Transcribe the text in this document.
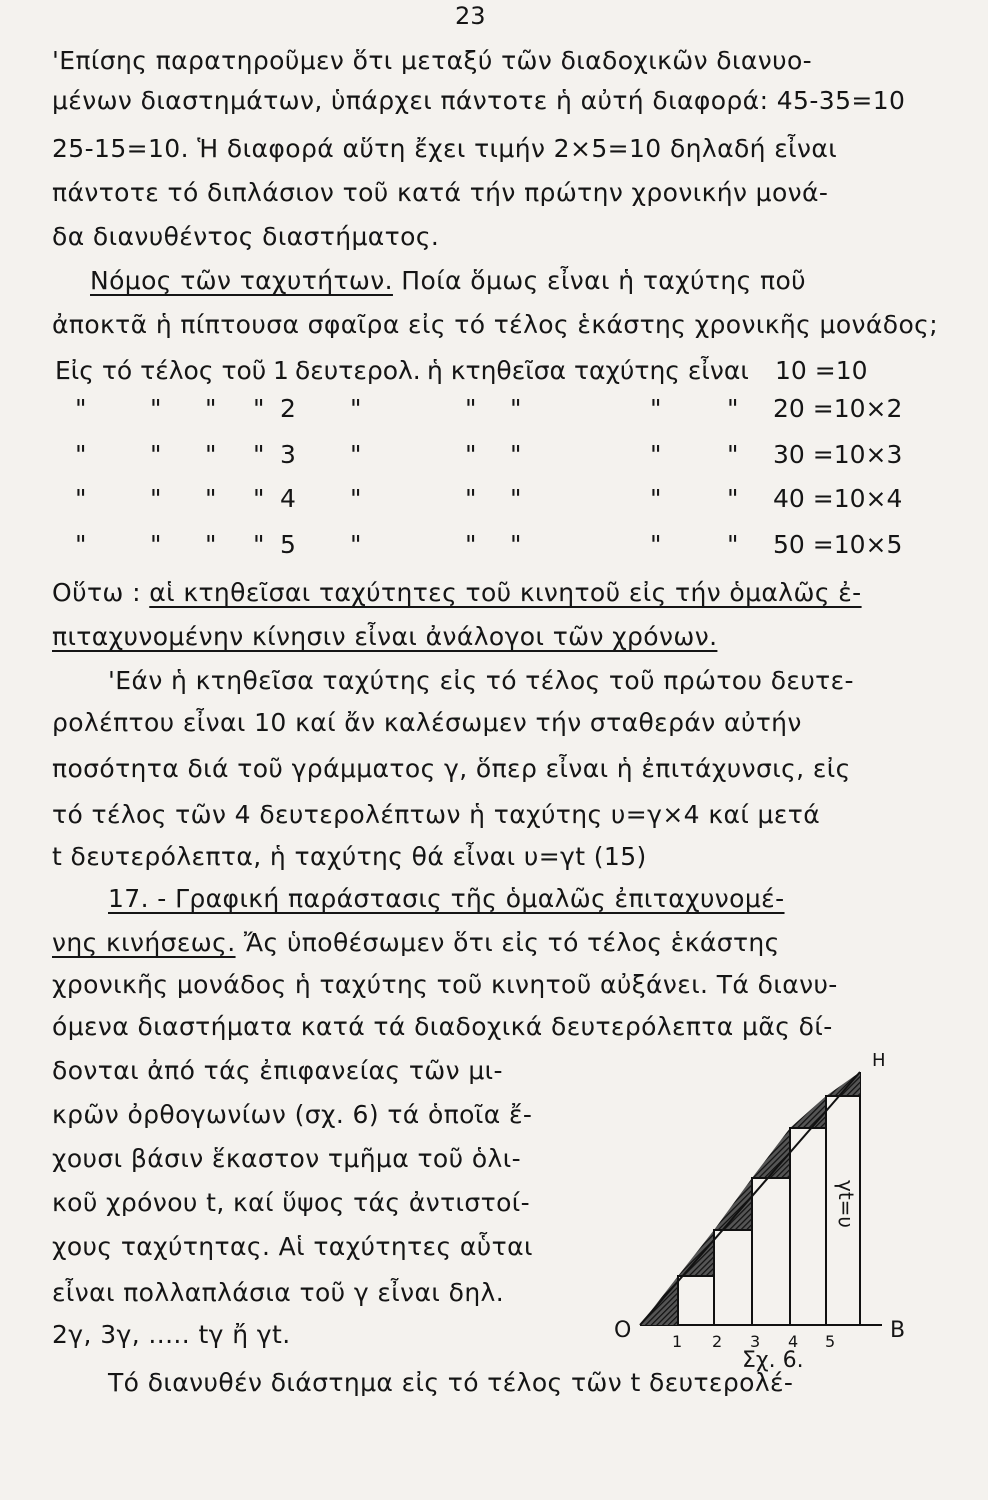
23
'Επίσης παρατηροῦμεν ὅτι μεταξύ τῶν διαδοχικῶν διανυο-
μένων διαστημάτων, ὑπάρχει πάντοτε ἡ αὐτή διαφορά: 45-35=10
25-15=10. Ἡ διαφορά αὕτη ἔχει τιμήν 2×5=10 δηλαδή εἶναι
πάντοτε τό διπλάσιον τοῦ κατά τήν πρώτην χρονικήν μονά-
δα διανυθέντος διαστήματος.
Νόμος τῶν ταχυτήτων. Ποία ὅμως εἶναι ἡ ταχύτης ποῦ
ἀποκτᾶ ἡ πίπτουσα σφαῖρα εἰς τό τέλος ἑκάστης χρονικῆς μονάδος;
Εἰς τό τέλος τοῦ 1 δευτερολ. ἡ κτηθεῖσα ταχύτης εἶναι 10 =10
"	" " " 2 "	" "	"	" 20 =10×2
"	" " " 3 "	" "	"	" 30 =10×3
"	" " " 4 "	" "	"	" 40 =10×4
"	" " " 5 "	" "	"	" 50 =10×5
Οὕτω : αἱ κτηθεῖσαι ταχύτητες τοῦ κινητοῦ εἰς τήν ὁμαλῶς ἐ-
πιταχυνομένην κίνησιν εἶναι ἀνάλογοι τῶν χρόνων.
'Εάν ἡ κτηθεῖσα ταχύτης εἰς τό τέλος τοῦ πρώτου δευτε-
ρολέπτου εἶναι 10 καί ἄν καλέσωμεν τήν σταθεράν αὐτήν
ποσότητα διά τοῦ γράμματος γ, ὅπερ εἶναι ἡ ἐπιτάχυνσις, εἰς
τό τέλος τῶν 4 δευτερολέπτων ἡ ταχύτης υ=γ×4 καί μετά
t δευτερόλεπτα, ἡ ταχύτης θά εἶναι υ=γt (15)
17. - Γραφική παράστασις τῆς ὁμαλῶς ἐπιταχυνομέ-
νης κινήσεως. Ἄς ὑποθέσωμεν ὅτι εἰς τό τέλος ἑκάστης
χρονικῆς μονάδος ἡ ταχύτης τοῦ κινητοῦ αὐξάνει. Τά διανυ-
όμενα διαστήματα κατά τά διαδοχικά δευτερόλεπτα μᾶς δί-
δονται ἀπό τάς ἐπιφανείας τῶν μι-
κρῶν ὀρθογωνίων (σχ. 6) τά ὁποῖα ἔ-
χουσι βάσιν ἕκαστον τμῆμα τοῦ ὁλι-
κοῦ χρόνου t, καί ὕψος τάς ἀντιστοί-
χους ταχύτητας. Αἱ ταχύτητες αὗται
εἶναι πολλαπλάσια τοῦ γ εἶναι δηλ.
2γ, 3γ, ..... tγ ἤ γt.
Τό διανυθέν διάστημα εἰς τό τέλος τῶν t δευτερολέ-
O	B
H
γt=υ
1 2 3 4 5
Σχ. 6.
